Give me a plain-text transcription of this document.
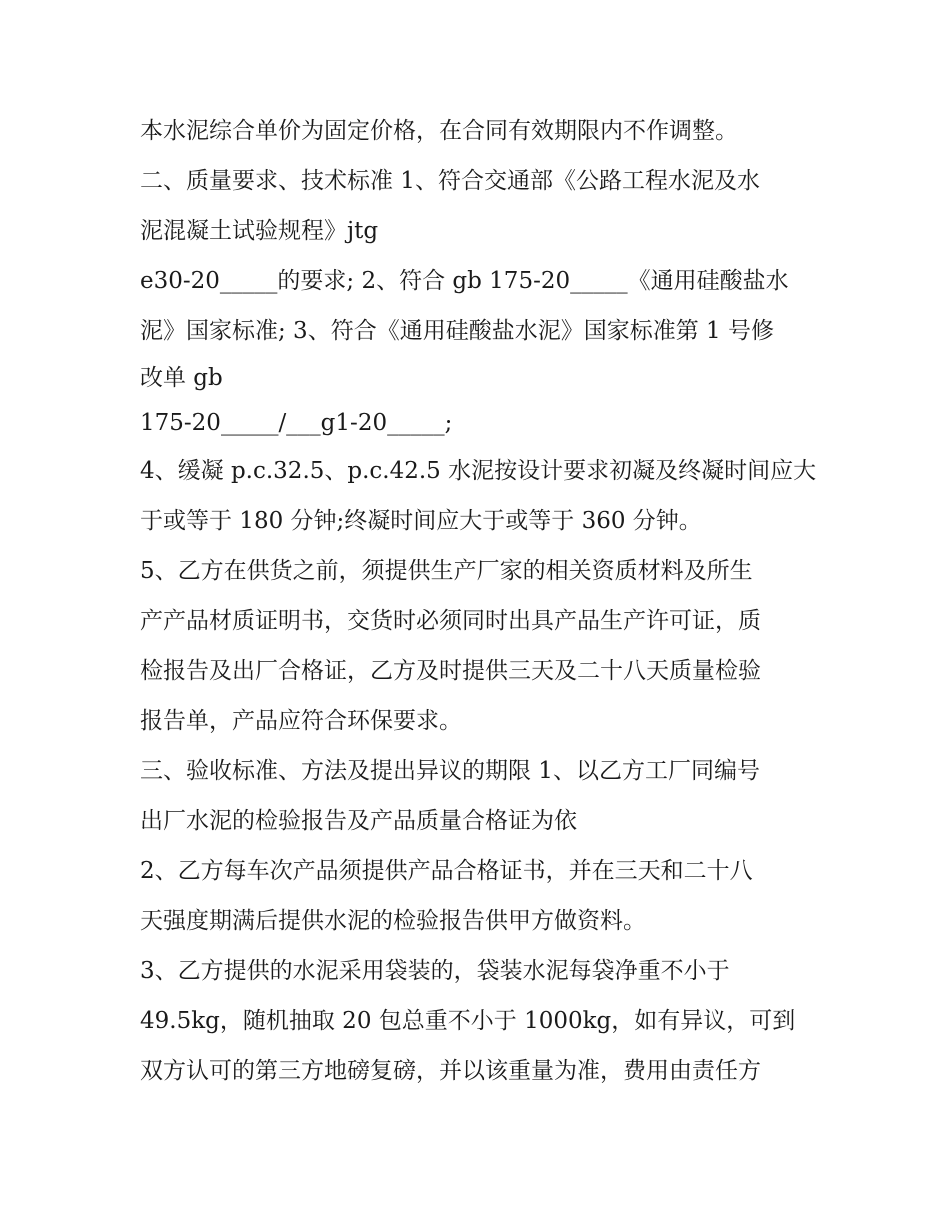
本水泥综合单价为固定价格，在合同有效期限内不作调整。
二、质量要求、技术标准 1、符合交通部《公路工程水泥及水
泥混凝土试验规程》jtg
e30-20_____的要求; 2、符合 gb 175-20_____《通用硅酸盐水
泥》国家标准; 3、符合《通用硅酸盐水泥》国家标准第 1 号修
改单 gb
175-20_____/___g1-20_____;
4、缓凝 p.c.32.5、p.c.42.5 水泥按设计要求初凝及终凝时间应大
于或等于 180 分钟;终凝时间应大于或等于 360 分钟。
5、乙方在供货之前，须提供生产厂家的相关资质材料及所生
产产品材质证明书，交货时必须同时出具产品生产许可证，质
检报告及出厂合格证，乙方及时提供三天及二十八天质量检验
报告单，产品应符合环保要求。
三、验收标准、方法及提出异议的期限 1、以乙方工厂同编号
出厂水泥的检验报告及产品质量合格证为依
2、乙方每车次产品须提供产品合格证书，并在三天和二十八
天强度期满后提供水泥的检验报告供甲方做资料。
3、乙方提供的水泥采用袋装的，袋装水泥每袋净重不小于
49.5kg，随机抽取 20 包总重不小于 1000kg，如有异议，可到
双方认可的第三方地磅复磅，并以该重量为准，费用由责任方
